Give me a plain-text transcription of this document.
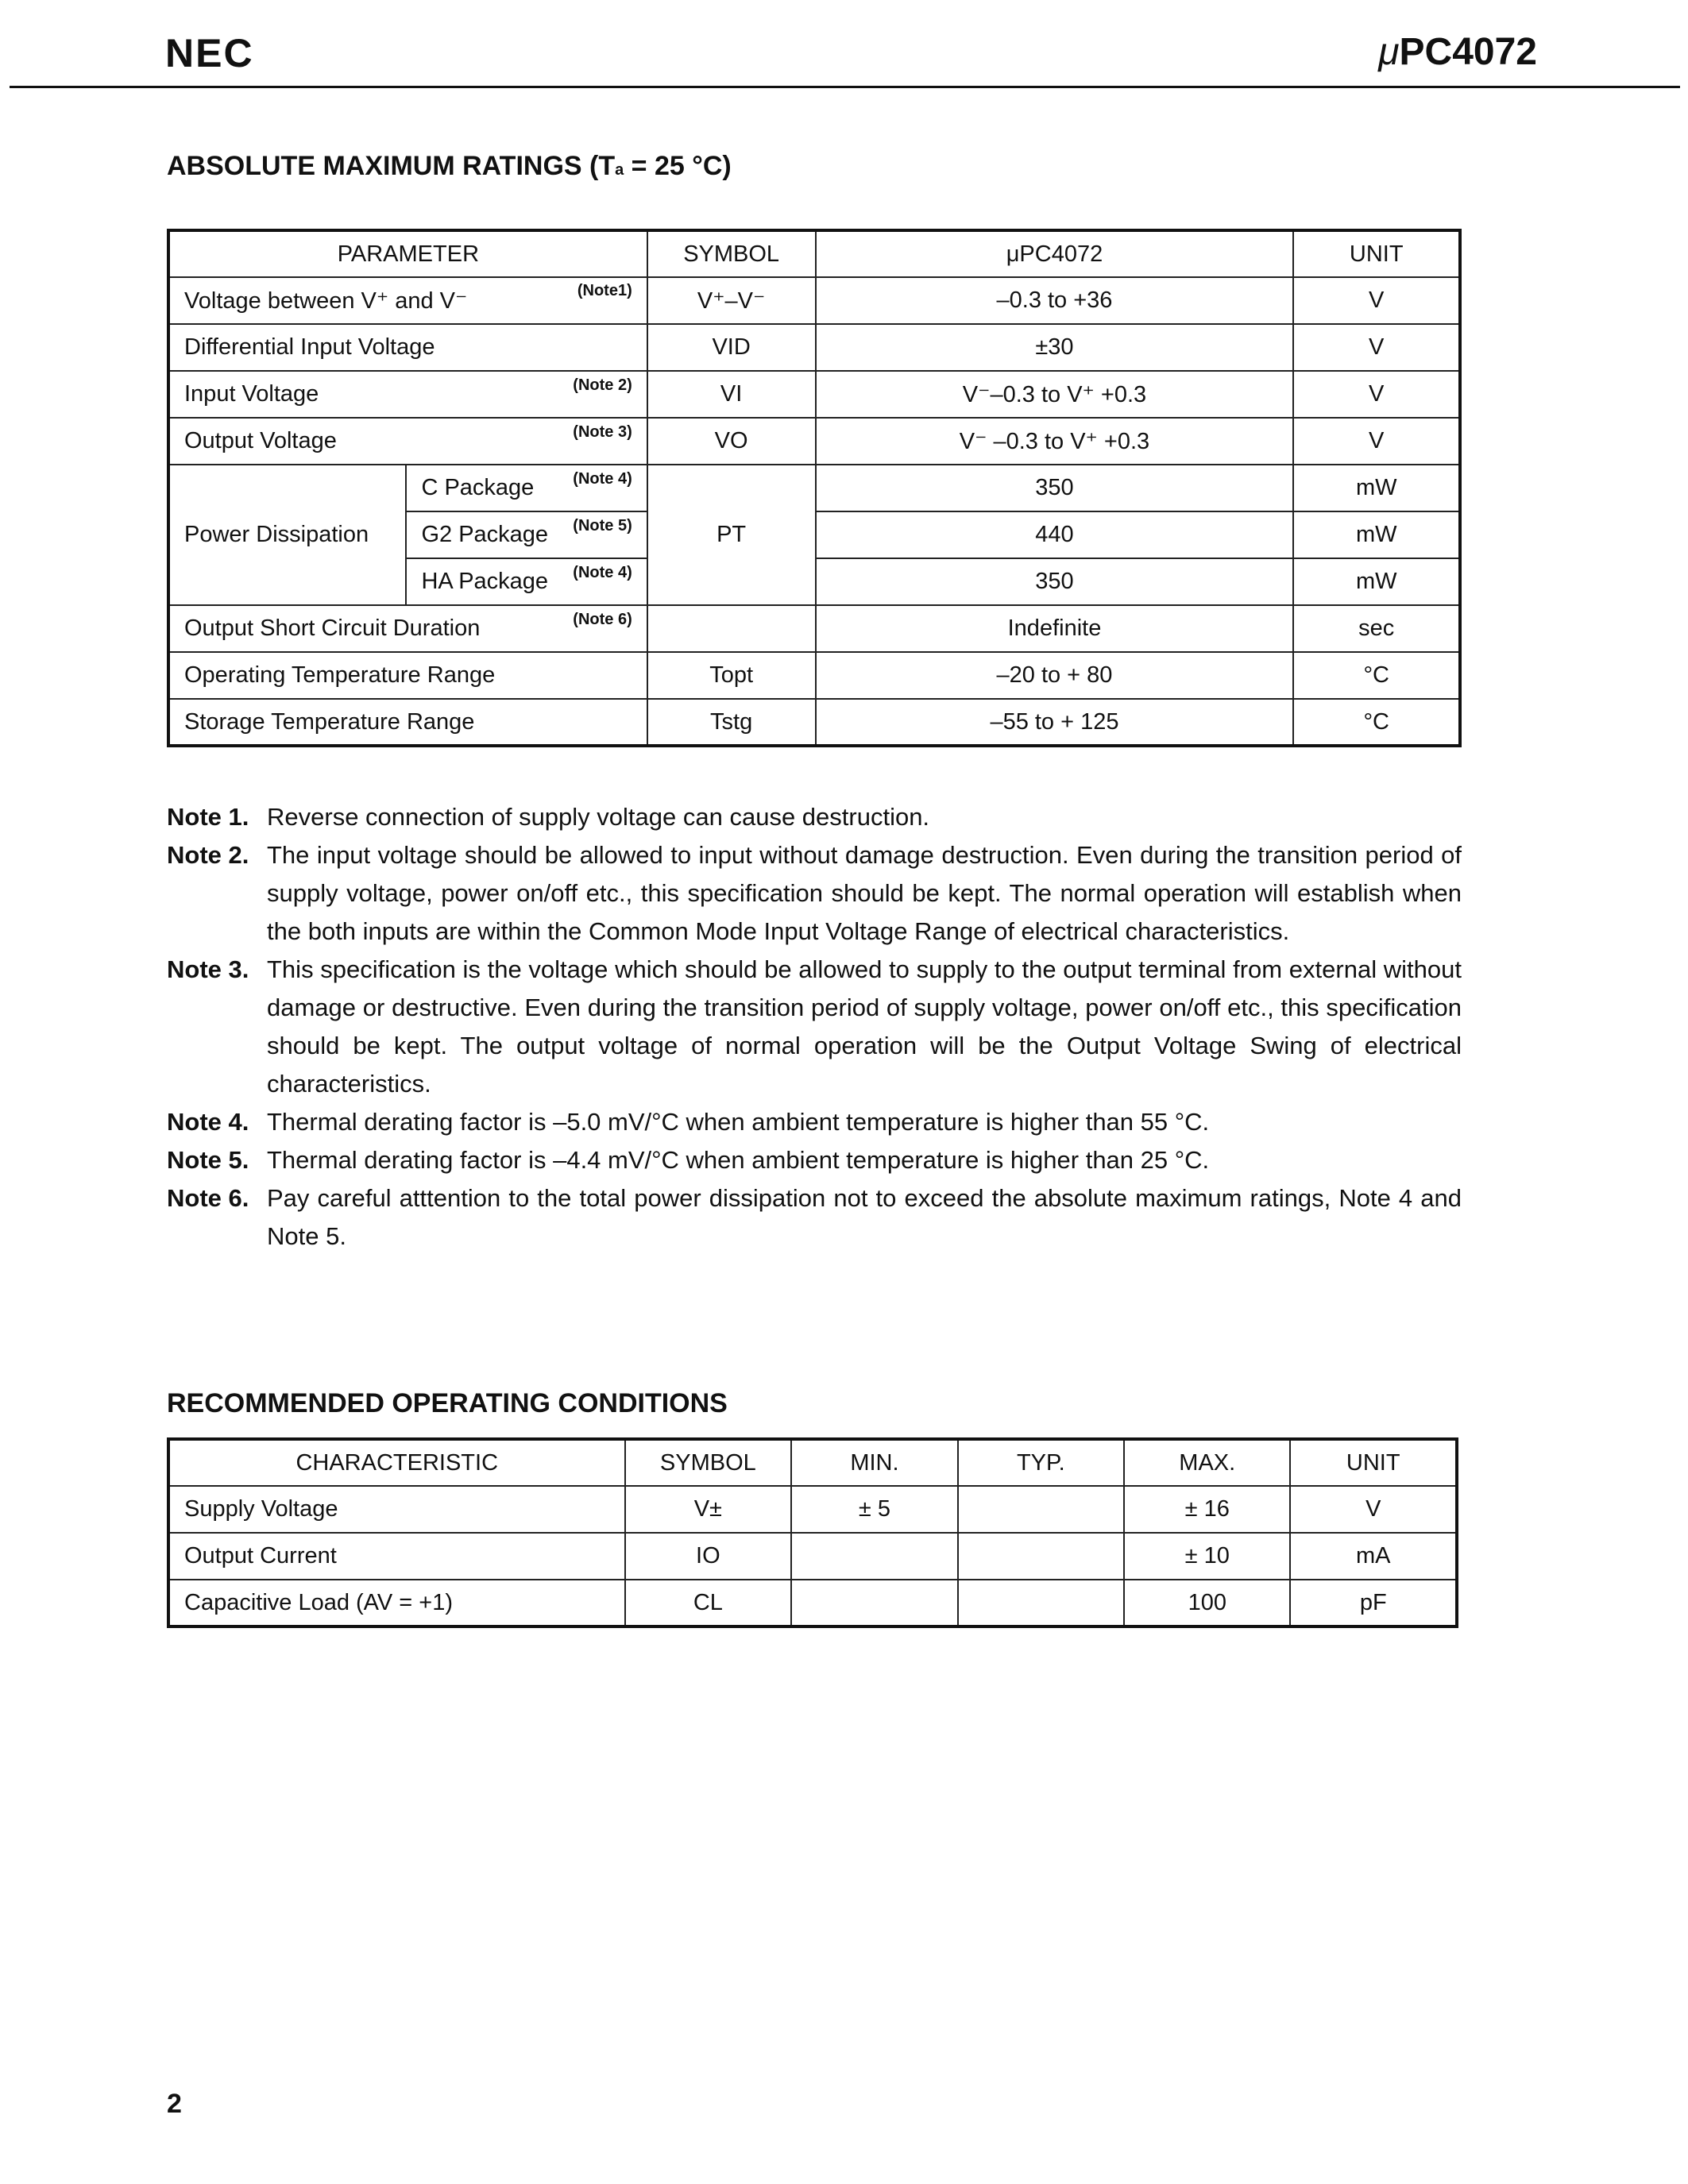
NEC	μPC4072
ABSOLUTE MAXIMUM RATINGS (Ta = 25 °C)
PARAMETER		SYMBOL	μPC4072	UNIT

(Note1)
Voltage between V⁺ and V⁻		V⁺–V⁻	–0.3 to +36	V
Differential Input Voltage		VID	±30	V

(Note 2)
Input Voltage		VI	V⁻–0.3 to V⁺ +0.3	V

(Note 3)
Output Voltage		VO	V⁻ –0.3 to V⁺ +0.3	V
Power Dissipation	(Note 4)
C Package	PT	350	mW

	(Note 5)
G2 Package		440	mW

	(Note 4)
HA Package		350	mW

(Note 6)
Output Short Circuit Duration			Indefinite	sec
Operating Temperature Range		Topt	–20 to + 80	°C
Storage Temperature Range		Tstg	–55 to + 125	°C
Note 1. Reverse connection of supply voltage can cause destruction.
Note 2. The input voltage should be allowed to input without damage destruction. Even during the transition period of supply voltage, power on/off etc., this specification should be kept. The normal operation will establish when the both inputs are within the Common Mode Input Voltage Range of electrical characteristics.
Note 3. This specification is the voltage which should be allowed to supply to the output terminal from external without damage or destructive. Even during the transition period of supply voltage, power on/off etc., this specification should be kept. The output voltage of normal operation will be the Output Voltage Swing of electrical characteristics.
Note 4. Thermal derating factor is –5.0 mV/°C when ambient temperature is higher than 55 °C.
Note 5. Thermal derating factor is –4.4 mV/°C when ambient temperature is higher than 25 °C.
Note 6. Pay careful atttention to the total power dissipation not to exceed the absolute maximum ratings, Note 4 and Note 5.
RECOMMENDED OPERATING CONDITIONS
CHARACTERISTIC	SYMBOL	MIN.	TYP.	MAX.	UNIT
Supply Voltage	V±	± 5		± 16	V
Output Current	IO			± 10	mA
Capacitive Load (AV = +1)	CL			100	pF
2
